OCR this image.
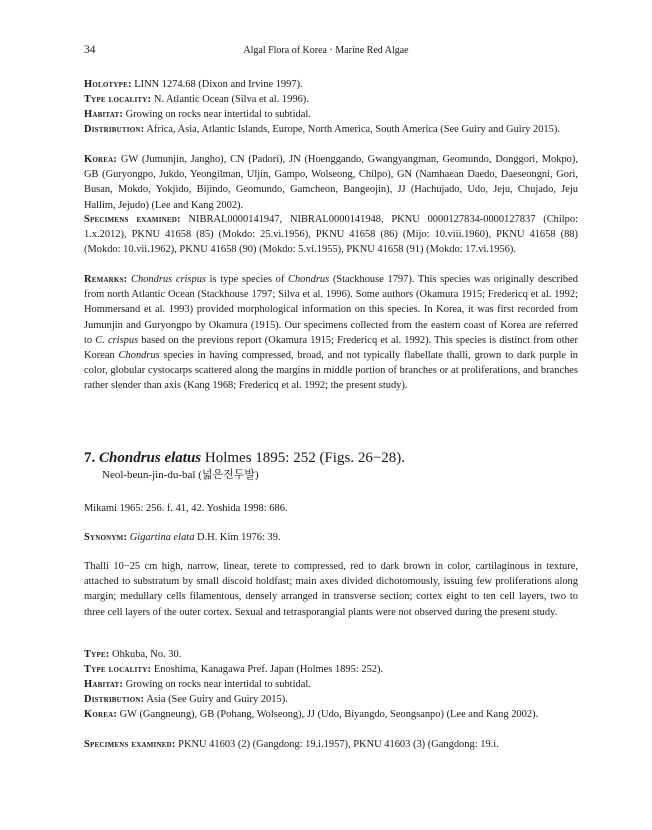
34	Algal Flora of Korea · Marine Red Algae

Holotype: LINN 1274.68 (Dixon and Irvine 1997).

Type locality: N. Atlantic Ocean (Silva et al. 1996).

Habitat: Growing on rocks near intertidal to subtidal.

Distribution: Africa, Asia, Atlantic Islands, Europe, North America, South America (See Guiry and Guiry 2015).

Korea: GW (Jumunjin, Jangho), CN (Padori), JN (Hoenggando, Gwangyangman, Geomundo, Donggori, Mokpo), GB (Guryongpo, Jukdo, Yeongilman, Uljin, Gampo, Wolseong, Chilpo), GN (Namhaean Daedo, Daeseongni, Gori, Busan, Mokdo, Yokjido, Bijindo, Geomundo, Gamcheon, Bangeojin), JJ (Hachujado, Udo, Jeju, Chujado, Jeju Hallim, Jejudo) (Lee and Kang 2002).

Specimens examined: NIBRAL0000141947, NIBRAL0000141948, PKNU 0000127834-0000127837 (Chilpo: 1.x.2012), PKNU 41658 (85) (Mokdo: 25.vi.1956), PKNU 41658 (86) (Mijo: 10.viii.1960), PKNU 41658 (88) (Mokdo: 10.vii.1962), PKNU 41658 (90) (Mokdo: 5.vi.1955), PKNU 41658 (91) (Mokdo: 17.vi.1956).

Remarks: Chondrus crispus is type species of Chondrus (Stackhouse 1797). This species was originally described from north Atlantic Ocean (Stackhouse 1797; Silva et al. 1996). Some authors (Okamura 1915; Fredericq et al. 1992; Hommersand et al. 1993) provided morphological information on this species. In Korea, it was first recorded from Jumunjin and Guryongpo by Okamura (1915). Our specimens collected from the eastern coast of Korea are referred to C. crispus based on the previous report (Okamura 1915; Fredericq et al. 1992). This species is distinct from other Korean Chondrus species in having compressed, broad, and not typically flabellate thalli, grown to dark purple in color, globular cystocarps scattered along the margins in middle portion of branches or at proliferations, and branches rather slender than axis (Kang 1968; Fredericq et al. 1992; the present study).

7. Chondrus elatus Holmes 1895: 252 (Figs. 26−28).
Neol-beun-jin-du-bal (넓은진두발)

Mikami 1965: 256. f. 41, 42. Yoshida 1998: 686.

Synonym: Gigartina elata D.H. Kim 1976: 39.

Thalli 10−25 cm high, narrow, linear, terete to compressed, red to dark brown in color, cartilaginous in texture, attached to substratum by small discoid holdfast; main axes divided dichotomously, issuing few proliferations along margin; medullary cells filamentous, densely arranged in transverse section; cortex eight to ten cell layers, two to three cell layers of the outer cortex. Sexual and tetrasporangial plants were not observed during the present study.

Type: Ohkuba, No. 30.

Type locality: Enoshima, Kanagawa Pref. Japan (Holmes 1895: 252).

Habitat: Growing on rocks near intertidal to subtidal.

Distribution: Asia (See Guiry and Guiry 2015).

Korea: GW (Gangneung), GB (Pohang, Wolseong), JJ (Udo, Biyangdo, Seongsanpo) (Lee and Kang 2002).

Specimens examined: PKNU 41603 (2) (Gangdong: 19.i.1957), PKNU 41603 (3) (Gangdong: 19.i.
